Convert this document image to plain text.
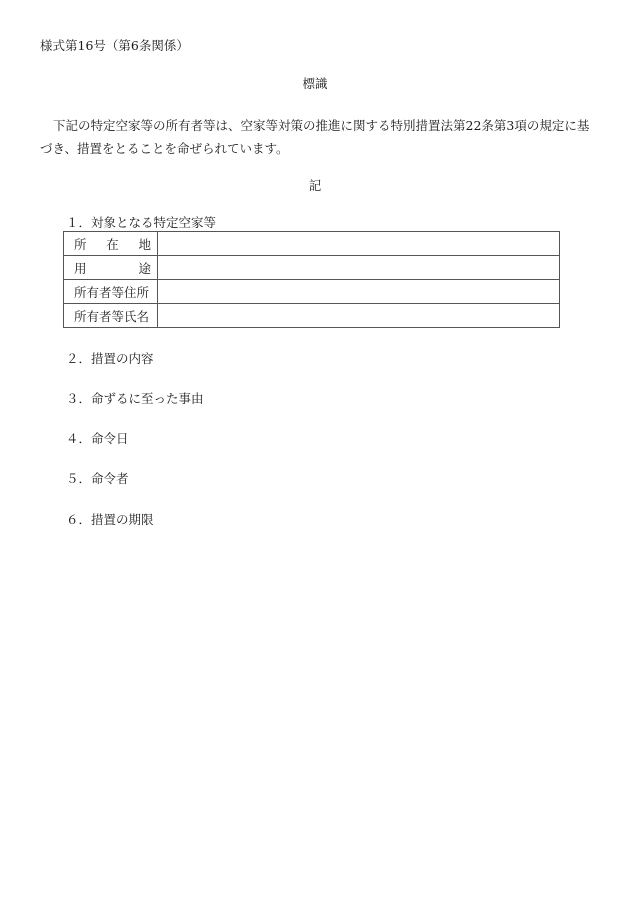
様式第16号（第6条関係）
標識
下記の特定空家等の所有者等は、空家等対策の推進に関する特別措置法第22条第3項の規定に基づき、措置をとることを命ぜられています。
記
１．対象となる特定空家等
所 在 地	

用 途	

所有者等住所	
所有者等氏名	
２．措置の内容
３．命ずるに至った事由
４．命令日
５．命令者
６．措置の期限
